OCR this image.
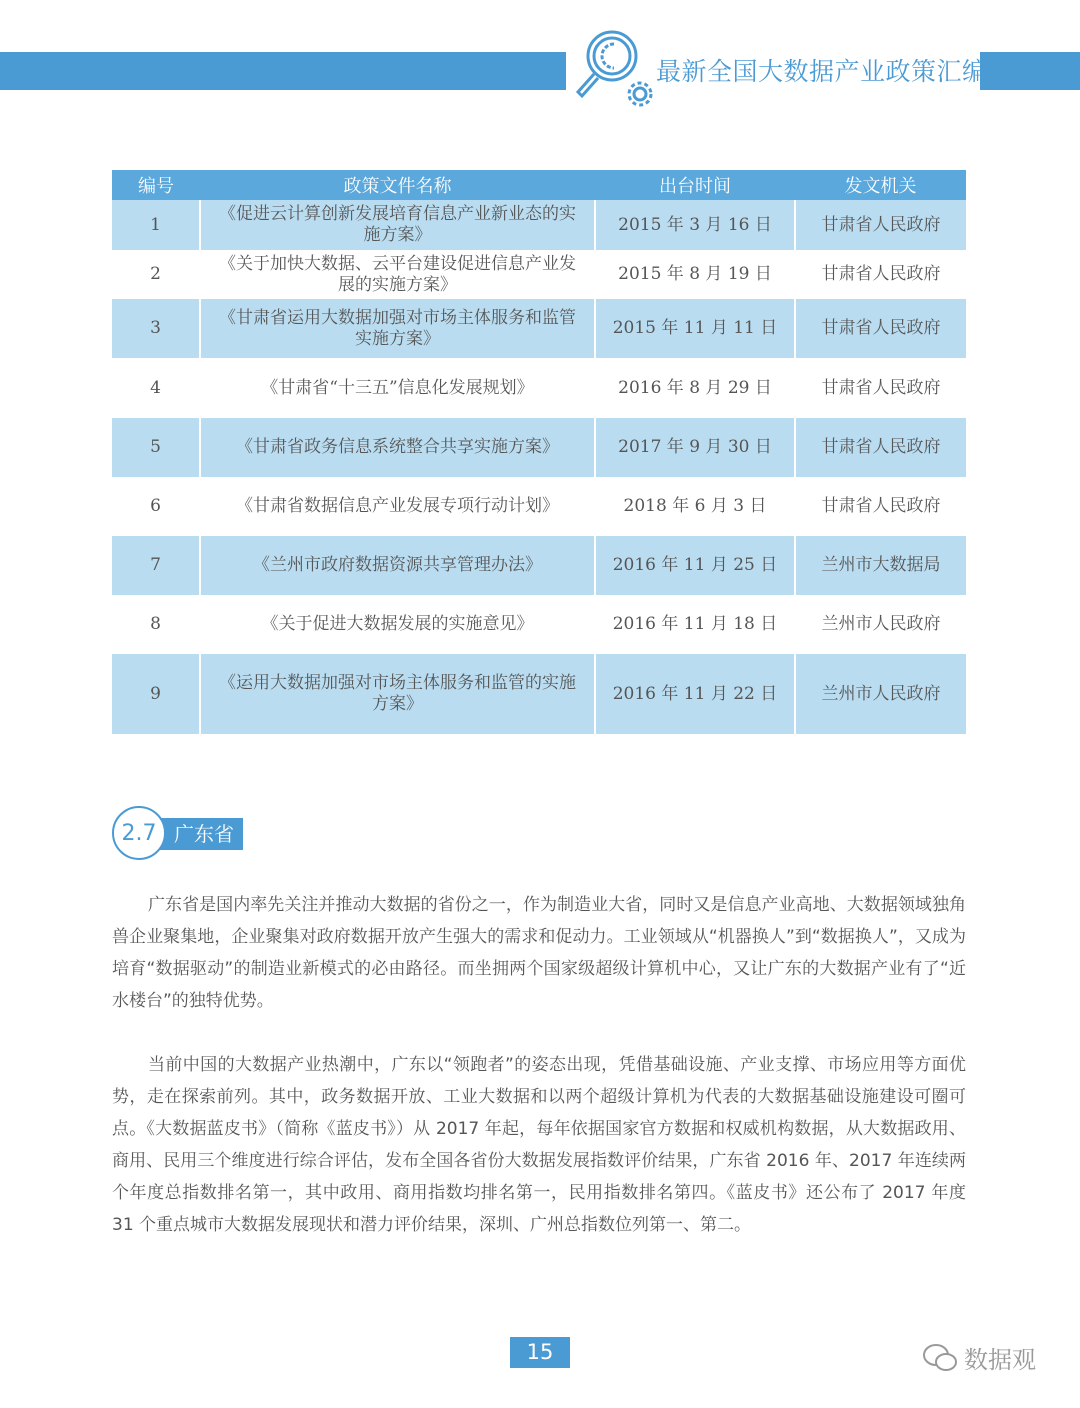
最新全国大数据产业政策汇编
编号	政策文件名称	出台时间	发文机关
1	《促进云计算创新发展培育信息产业新业态的实施方案》	2015 年 3 月 16 日	甘肃省人民政府
2	《关于加快大数据、云平台建设促进信息产业发展的实施方案》	2015 年 8 月 19 日	甘肃省人民政府
3	《甘肃省运用大数据加强对市场主体服务和监管实施方案》	2015 年 11 月 11 日	甘肃省人民政府
4	《甘肃省“十三五”信息化发展规划》	2016 年 8 月 29 日	甘肃省人民政府
5	《甘肃省政务信息系统整合共享实施方案》	2017 年 9 月 30 日	甘肃省人民政府
6	《甘肃省数据信息产业发展专项行动计划》	2018 年 6 月 3 日	甘肃省人民政府
7	《兰州市政府数据资源共享管理办法》	2016 年 11 月 25 日	兰州市大数据局
8	《关于促进大数据发展的实施意见》	2016 年 11 月 18 日	兰州市人民政府
9	《运用大数据加强对市场主体服务和监管的实施方案》	2016 年 11 月 22 日	兰州市人民政府
2.7 广东省
广东省是国内率先关注并推动大数据的省份之一，作为制造业大省，同时又是信息产业高地、大数据领域独角兽企业聚集地，企业聚集对政府数据开放产生强大的需求和促动力。工业领域从“机器换人”到“数据换人”，又成为培育“数据驱动”的制造业新模式的必由路径。而坐拥两个国家级超级计算机中心，又让广东的大数据产业有了“近水楼台”的独特优势。
当前中国的大数据产业热潮中，广东以“领跑者”的姿态出现，凭借基础设施、产业支撑、市场应用等方面优势，走在探索前列。其中，政务数据开放、工业大数据和以两个超级计算机为代表的大数据基础设施建设可圈可点。《大数据蓝皮书》（简称《蓝皮书》）从 2017 年起，每年依据国家官方数据和权威机构数据，从大数据政用、商用、民用三个维度进行综合评估，发布全国各省份大数据发展指数评价结果，广东省 2016 年、2017 年连续两个年度总指数排名第一，其中政用、商用指数均排名第一，民用指数排名第四。《蓝皮书》还公布了 2017 年度 31 个重点城市大数据发展现状和潜力评价结果，深圳、广州总指数位列第一、第二。
15	数据观
